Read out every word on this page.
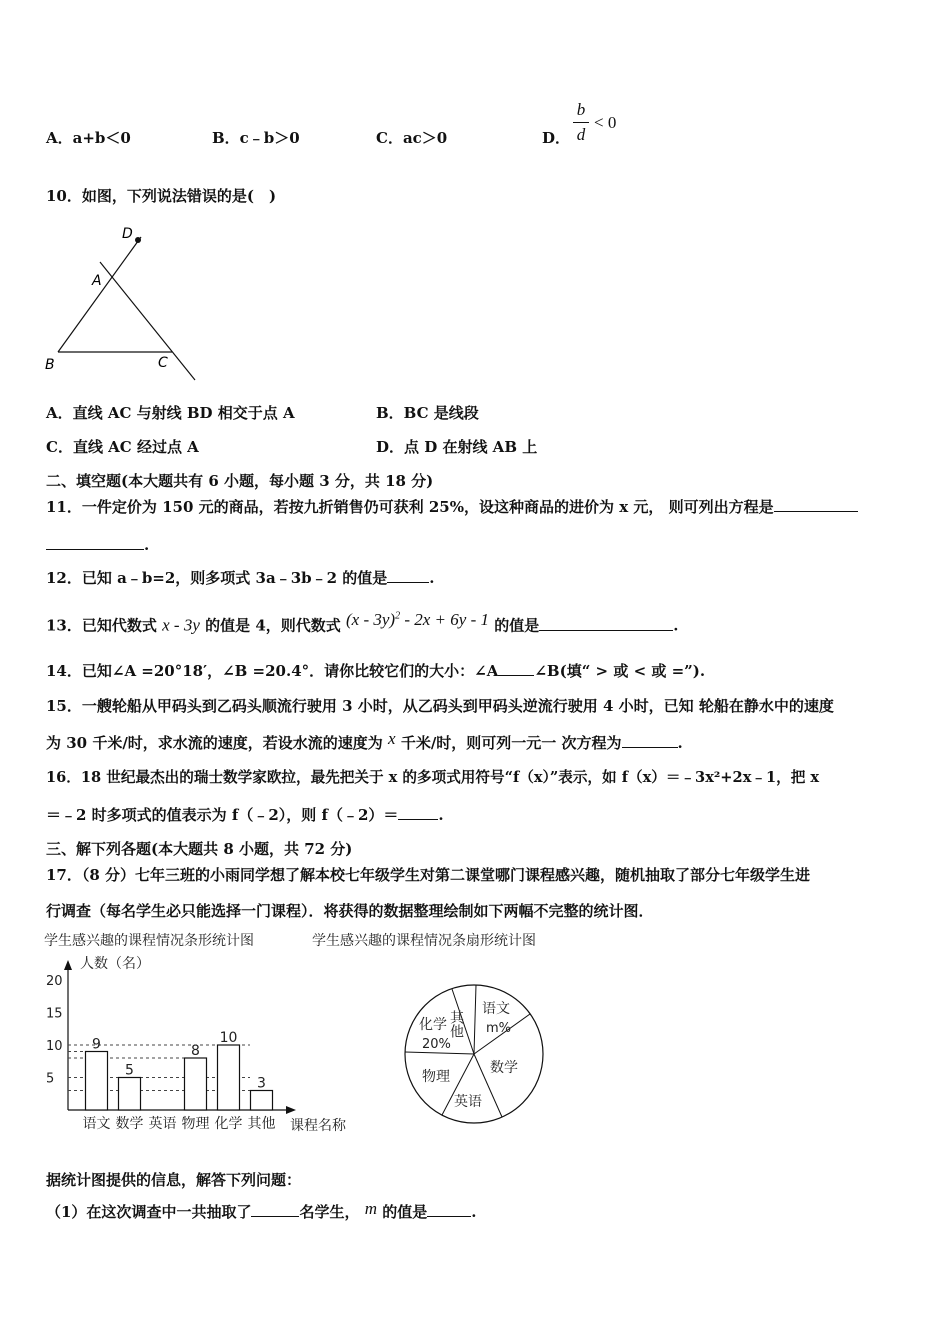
A．a+b＜0	B．c﹣b＞0	C．ac＞0	D．
b
d
< 0
10．如图，下列说法错误的是(　)
D
A
B	C
A．直线 AC 与射线 BD 相交于点 A	B．BC 是线段
C．直线 AC 经过点 A	D．点 D 在射线 AB 上
二、填空题(本大题共有 6 小题，每小题 3 分，共 18 分)
11．一件定价为 150 元的商品，若按九折销售仍可获利 25%，设这种商品的进价为 x 元， 则可列出方程是
.
12．已知 a﹣b=2，则多项式 3a﹣3b﹣2 的值是	.
13．已知代数式 x - 3y 的值是 4，则代数式 (x - 3y)$^2$ - 2x + 6y - 1 的值是	.
14．已知∠A =20°18′，∠B =20.4°．请你比较它们的大小：∠A ∠B(填“ > 或 < 或 =”).
15．一艘轮船从甲码头到乙码头顺流行驶用 3 小时，从乙码头到甲码头逆流行驶用 4 小时，已知 轮船在静水中的速度
为 30 千米/时，求水流的速度，若设水流的速度为 x 千米/时，则可列一元一 次方程为	.
16．18 世纪最杰出的瑞士数学家欧拉，最先把关于 x 的多项式用符号“f（x）”表示，如 f（x）＝﹣3x²+2x﹣1，把 x
＝﹣2 时多项式的值表示为 f（﹣2），则 f（﹣2）＝	.
三、解下列各题(本大题共 8 小题，共 72 分)
17．（8 分）七年三班的小雨同学想了解本校七年级学生对第二课堂哪门课程感兴趣，随机抽取了部分七年级学生进
行调查（每名学生必只能选择一门课程）．将获得的数据整理绘制如下两幅不完整的统计图．
学生感兴趣的课程情况条形统计图
人数（名）
5
10
15
20
9
5
8
10
3
语文 数学 英语 物理 化学 其他 课程名称
学生感兴趣的课程情况条扇形统计图
语文
m%
数学
英语
物理
化学
20%
其他
据统计图提供的信息，解答下列问题：
（1）在这次调查中一共抽取了	名学生， m 的值是	.
